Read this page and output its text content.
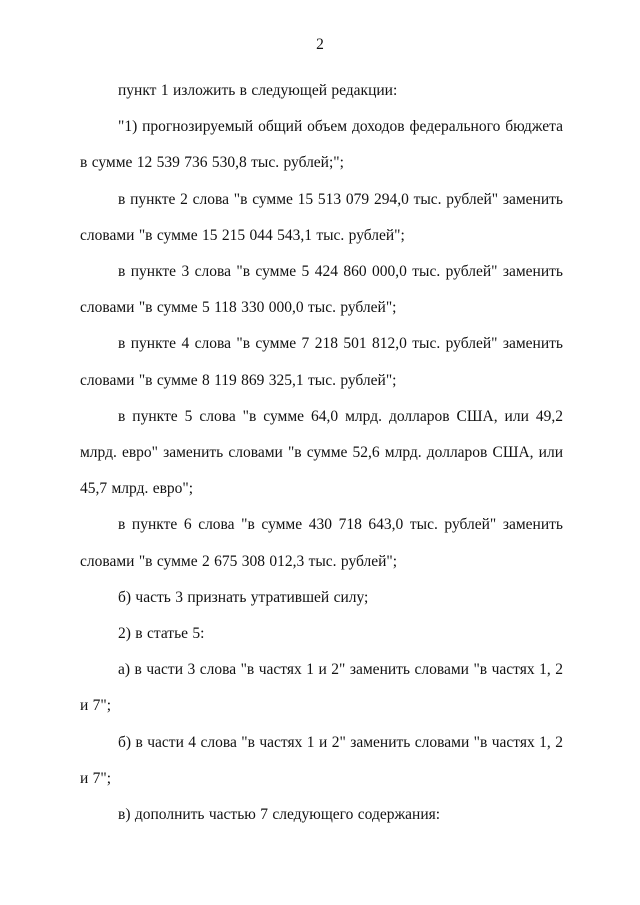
2

пункт 1 изложить в следующей редакции:

"1) прогнозируемый общий объем доходов федерального бюджета в сумме 12 539 736 530,8 тыс. рублей;";

в пункте 2 слова "в сумме 15 513 079 294,0 тыс. рублей" заменить словами "в сумме 15 215 044 543,1 тыс. рублей";

в пункте 3 слова "в сумме 5 424 860 000,0 тыс. рублей" заменить словами "в сумме 5 118 330 000,0 тыс. рублей";

в пункте 4 слова "в сумме 7 218 501 812,0 тыс. рублей" заменить словами "в сумме 8 119 869 325,1 тыс. рублей";

в пункте 5 слова "в сумме 64,0 млрд. долларов США, или 49,2 млрд. евро" заменить словами "в сумме 52,6 млрд. долларов США, или 45,7 млрд. евро";

в пункте 6 слова "в сумме 430 718 643,0 тыс. рублей" заменить словами "в сумме 2 675 308 012,3 тыс. рублей";

б) часть 3 признать утратившей силу;

2) в статье 5:

а) в части 3 слова "в частях 1 и 2" заменить словами "в частях 1, 2 и 7";

б) в части 4 слова "в частях 1 и 2" заменить словами "в частях 1, 2 и 7";

в) дополнить частью 7 следующего содержания:
